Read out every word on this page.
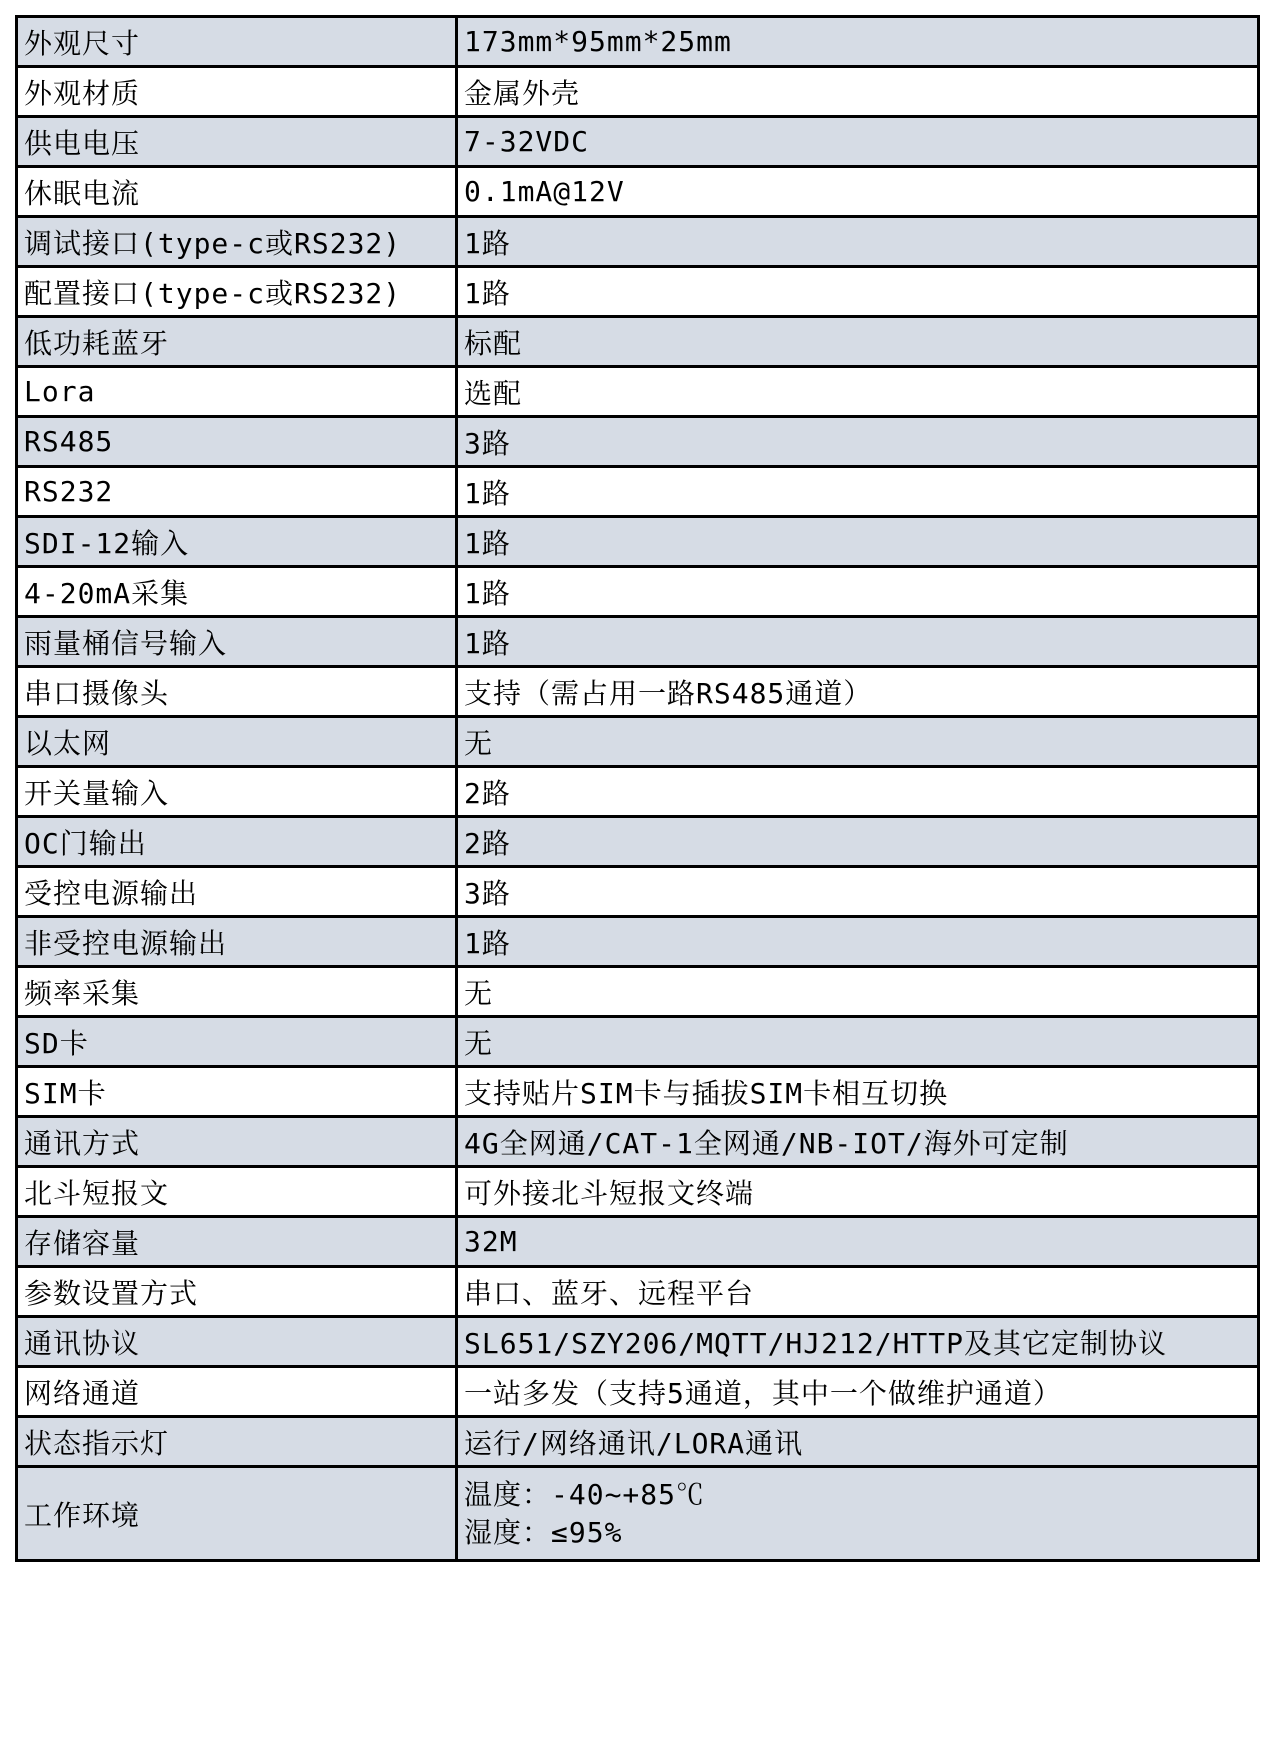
外观尺寸	173mm*95mm*25mm
外观材质	金属外壳
供电电压	7-32VDC
休眠电流	0.1mA@12V
调试接口(type-c或RS232)	1路
配置接口(type-c或RS232)	1路
低功耗蓝牙	标配
Lora	选配
RS485	3路
RS232	1路
SDI-12输入	1路
4-20mA采集	1路
雨量桶信号输入	1路
串口摄像头	支持（需占用一路RS485通道）
以太网	无
开关量输入	2路
OC门输出	2路
受控电源输出	3路
非受控电源输出	1路
频率采集	无
SD卡	无
SIM卡	支持贴片SIM卡与插拔SIM卡相互切换
通讯方式	4G全网通/CAT-1全网通/NB-IOT/海外可定制
北斗短报文	可外接北斗短报文终端
存储容量	32M
参数设置方式	串口、蓝牙、远程平台
通讯协议	SL651/SZY206/MQTT/HJ212/HTTP及其它定制协议
网络通道	一站多发（支持5通道，其中一个做维护通道）
状态指示灯	运行/网络通讯/LORA通讯
工作环境	温度：-40~+85℃
湿度：≤95%
